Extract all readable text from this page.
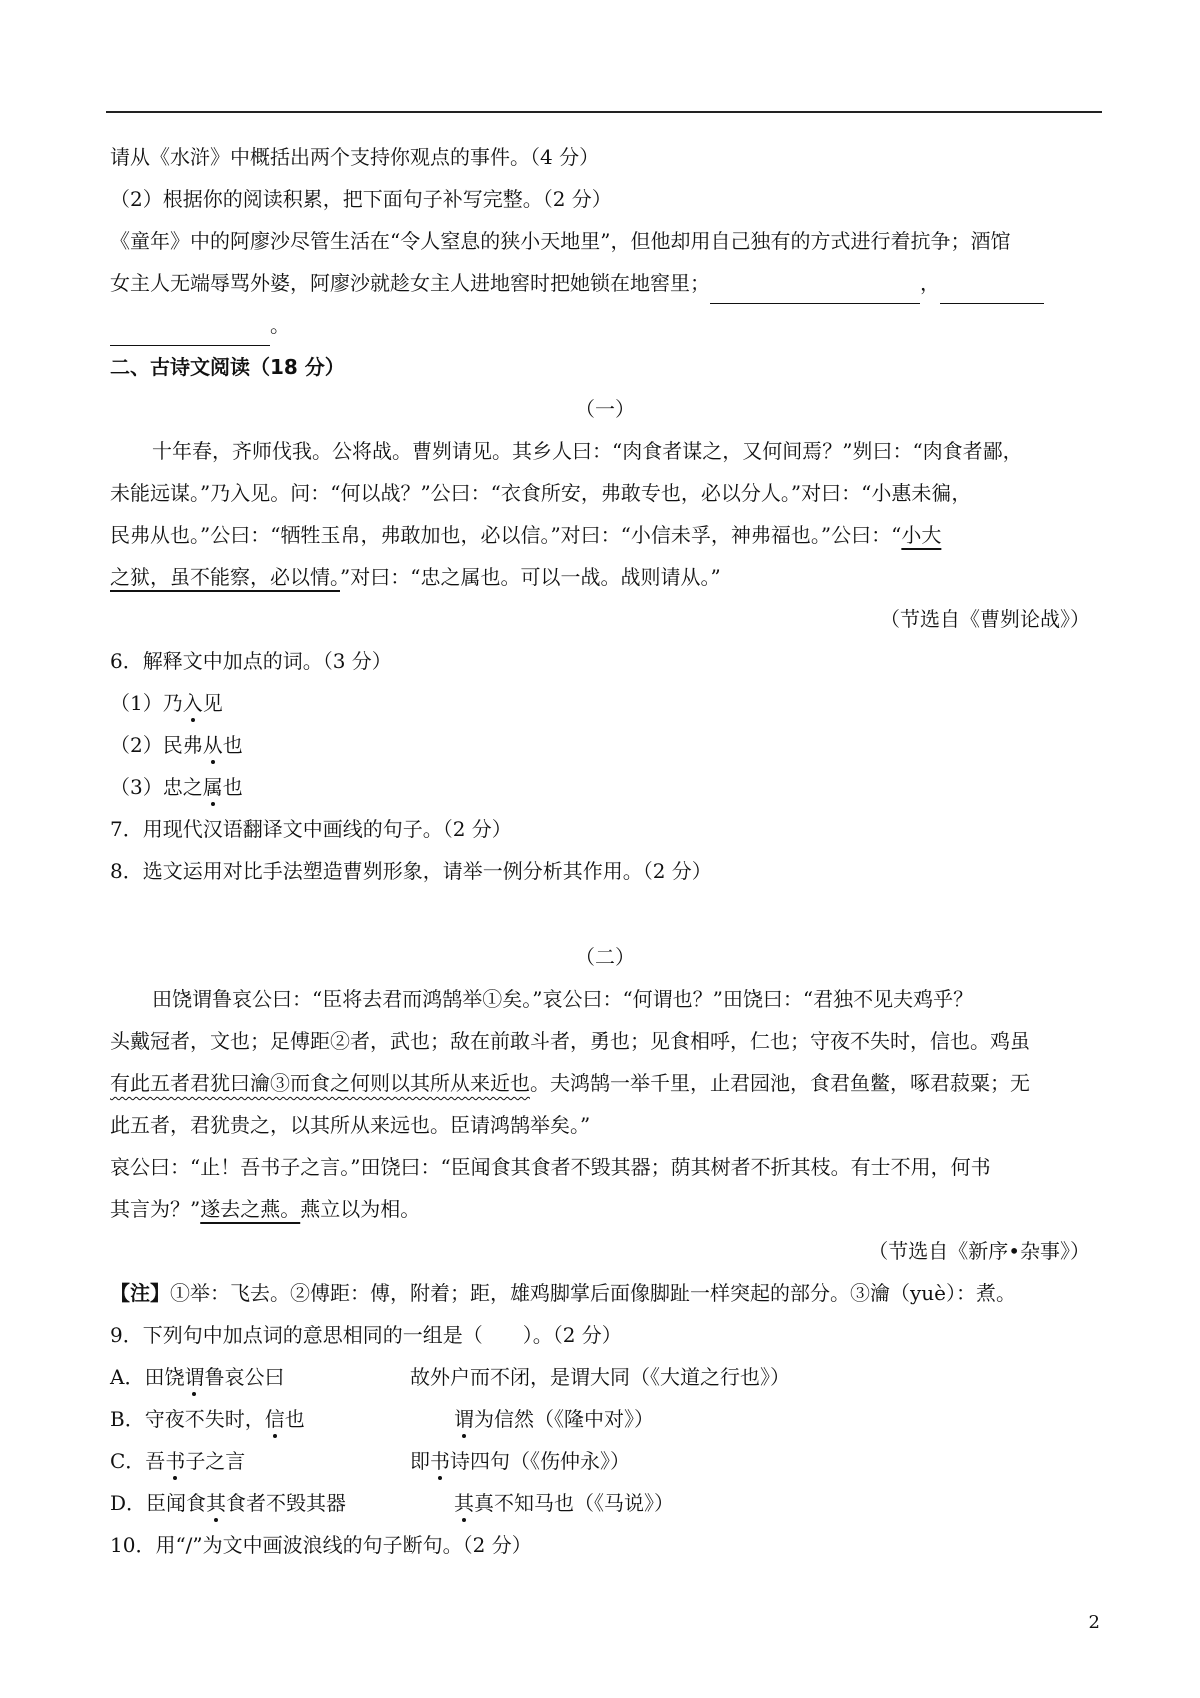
请从《水浒》中概括出两个支持你观点的事件。（4 分）
（2）根据你的阅读积累，把下面句子补写完整。（2 分）
《童年》中的阿廖沙尽管生活在“令人窒息的狭小天地里”，但他却用自己独有的方式进行着抗争；酒馆
女主人无端辱骂外婆，阿廖沙就趁女主人进地窖时把她锁在地窖里；	，
。
二、古诗文阅读（18 分）
（一）
十年春，齐师伐我。公将战。曹刿请见。其乡人曰：“肉食者谋之，又何间焉？”刿曰：“肉食者鄙，
未能远谋。”乃入见。问：“何以战？”公曰：“衣食所安，弗敢专也，必以分人。”对曰：“小惠未徧，
民弗从也。”公曰：“牺牲玉帛，弗敢加也，必以信。”对曰：“小信未孚，神弗福也。”公曰：“小大
之狱，虽不能察，必以情。”对曰：“忠之属也。可以一战。战则请从。”
（节选自《曹刿论战》）
6．解释文中加点的词。（3 分）
（1）乃入见
（2）民弗从也
（3）忠之属也
7．用现代汉语翻译文中画线的句子。（2 分）
8．选文运用对比手法塑造曹刿形象，请举一例分析其作用。（2 分）
（二）
田饶谓鲁哀公曰：“臣将去君而鸿鹄举①矣。”哀公曰：“何谓也？”田饶曰：“君独不见夫鸡乎？
头戴冠者，文也；足傅距②者，武也；敌在前敢斗者，勇也；见食相呼，仁也；守夜不失时，信也。鸡虽
有此五者君犹曰瀹③而食之何则以其所从来近也。夫鸿鹄一举千里，止君园池，食君鱼鳖，啄君菽粟；无
此五者，君犹贵之，以其所从来远也。臣请鸿鹄举矣。”
哀公曰：“止！吾书子之言。”田饶曰：“臣闻食其食者不毁其器；荫其树者不折其枝。有士不用，何书
其言为？”遂去之燕。燕立以为相。
（节选自《新序•杂事》）
【注】①举：飞去。②傅距：傅，附着；距，雄鸡脚掌后面像脚趾一样突起的部分。③瀹（yuè）：煮。
9．下列句中加点词的意思相同的一组是（　　）。（2 分）
A．田饶谓鲁哀公曰	故外户而不闭，是谓大同（《大道之行也》）
B．守夜不失时，信也	谓为信然（《隆中对》）
C．吾书子之言	即书诗四句（《伤仲永》）
D．臣闻食其食者不毁其器	其真不知马也（《马说》）
10．用“/”为文中画波浪线的句子断句。（2 分）
2
